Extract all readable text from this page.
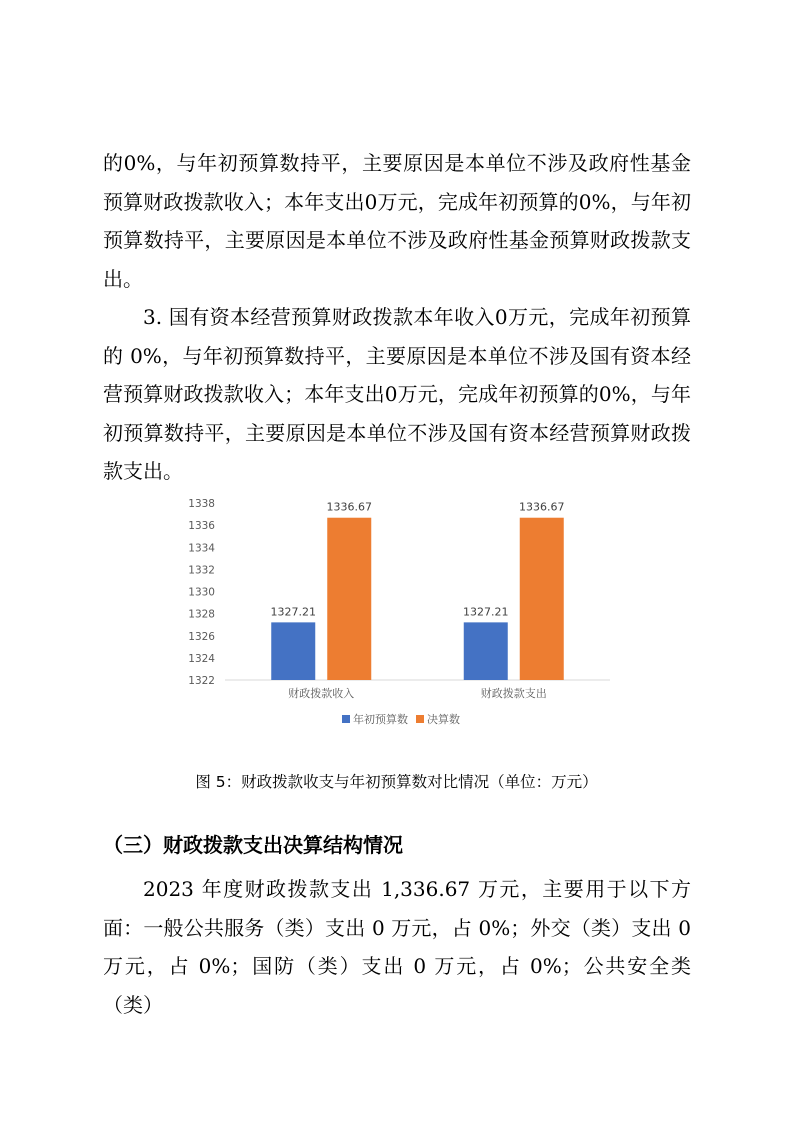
的0%，与年初预算数持平，主要原因是本单位不涉及政府性基金预算财政拨款收入；本年支出0万元，完成年初预算的0%，与年初预算数持平，主要原因是本单位不涉及政府性基金预算财政拨款支出。

3. 国有资本经营预算财政拨款本年收入0万元，完成年初预算的 0%，与年初预算数持平，主要原因是本单位不涉及国有资本经营预算财政拨款收入；本年支出0万元，完成年初预算的0%，与年初预算数持平，主要原因是本单位不涉及国有资本经营预算财政拨款支出。

1322
1324
1326
1328
1330
1332
1334
1336
1338
1327.21
1336.67
财政拨款收入
1327.21
1336.67
财政拨款支出
年初预算数 决算数
图 5：财政拨款收支与年初预算数对比情况（单位：万元）
（三）财政拨款支出决算结构情况

2023 年度财政拨款支出 1,336.67 万元，主要用于以下方面：一般公共服务（类）支出 0 万元，占 0%；外交（类）支出 0 万元，占 0%；国防（类）支出 0 万元，占 0%；公共安全类（类）
